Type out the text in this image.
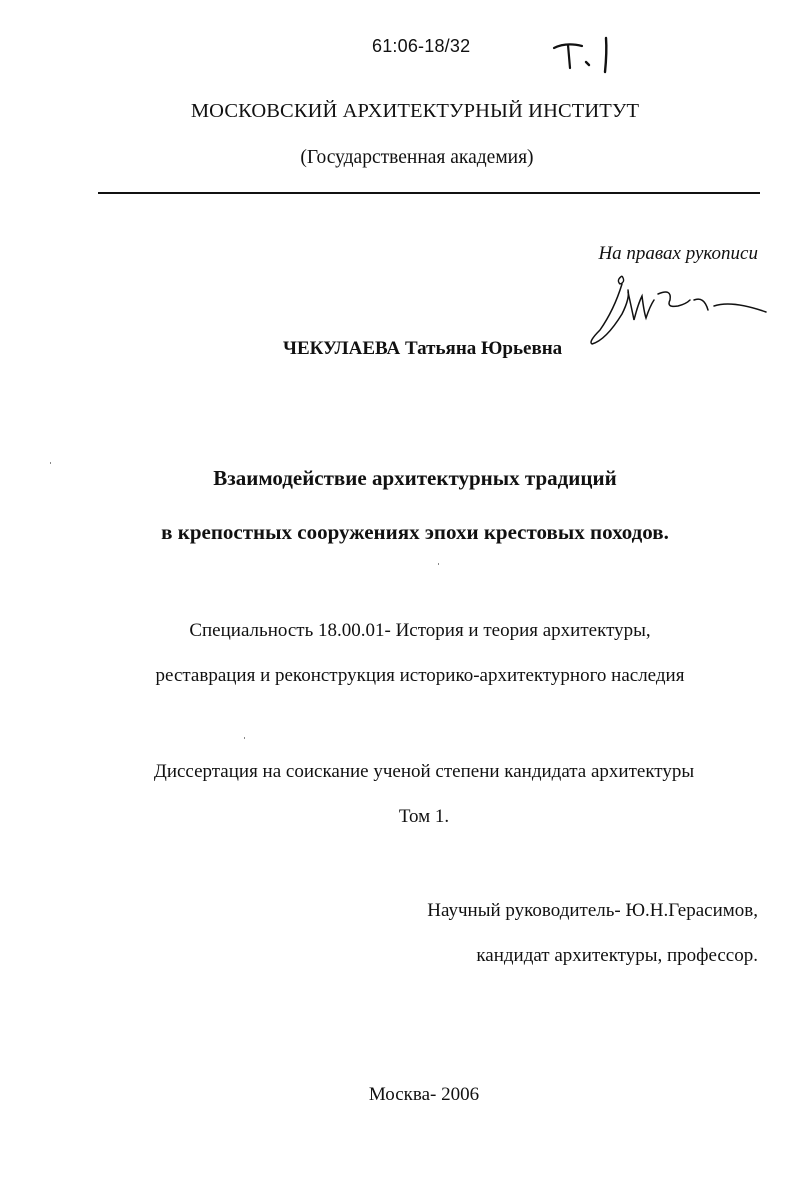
61:06-18/32
МОСКОВСКИЙ АРХИТЕКТУРНЫЙ ИНСТИТУТ
(Государственная академия)
На правах рукописи
ЧЕКУЛАЕВА Татьяна Юрьевна
Взаимодействие архитектурных традиций
в крепостных сооружениях эпохи крестовых походов.
Специальность 18.00.01- История и теория архитектуры,
реставрация и реконструкция историко-архитектурного наследия
Диссертация на соискание ученой степени кандидата архитектуры
Том 1.
Научный руководитель- Ю.Н.Герасимов,
кандидат архитектуры, профессор.
Москва- 2006
